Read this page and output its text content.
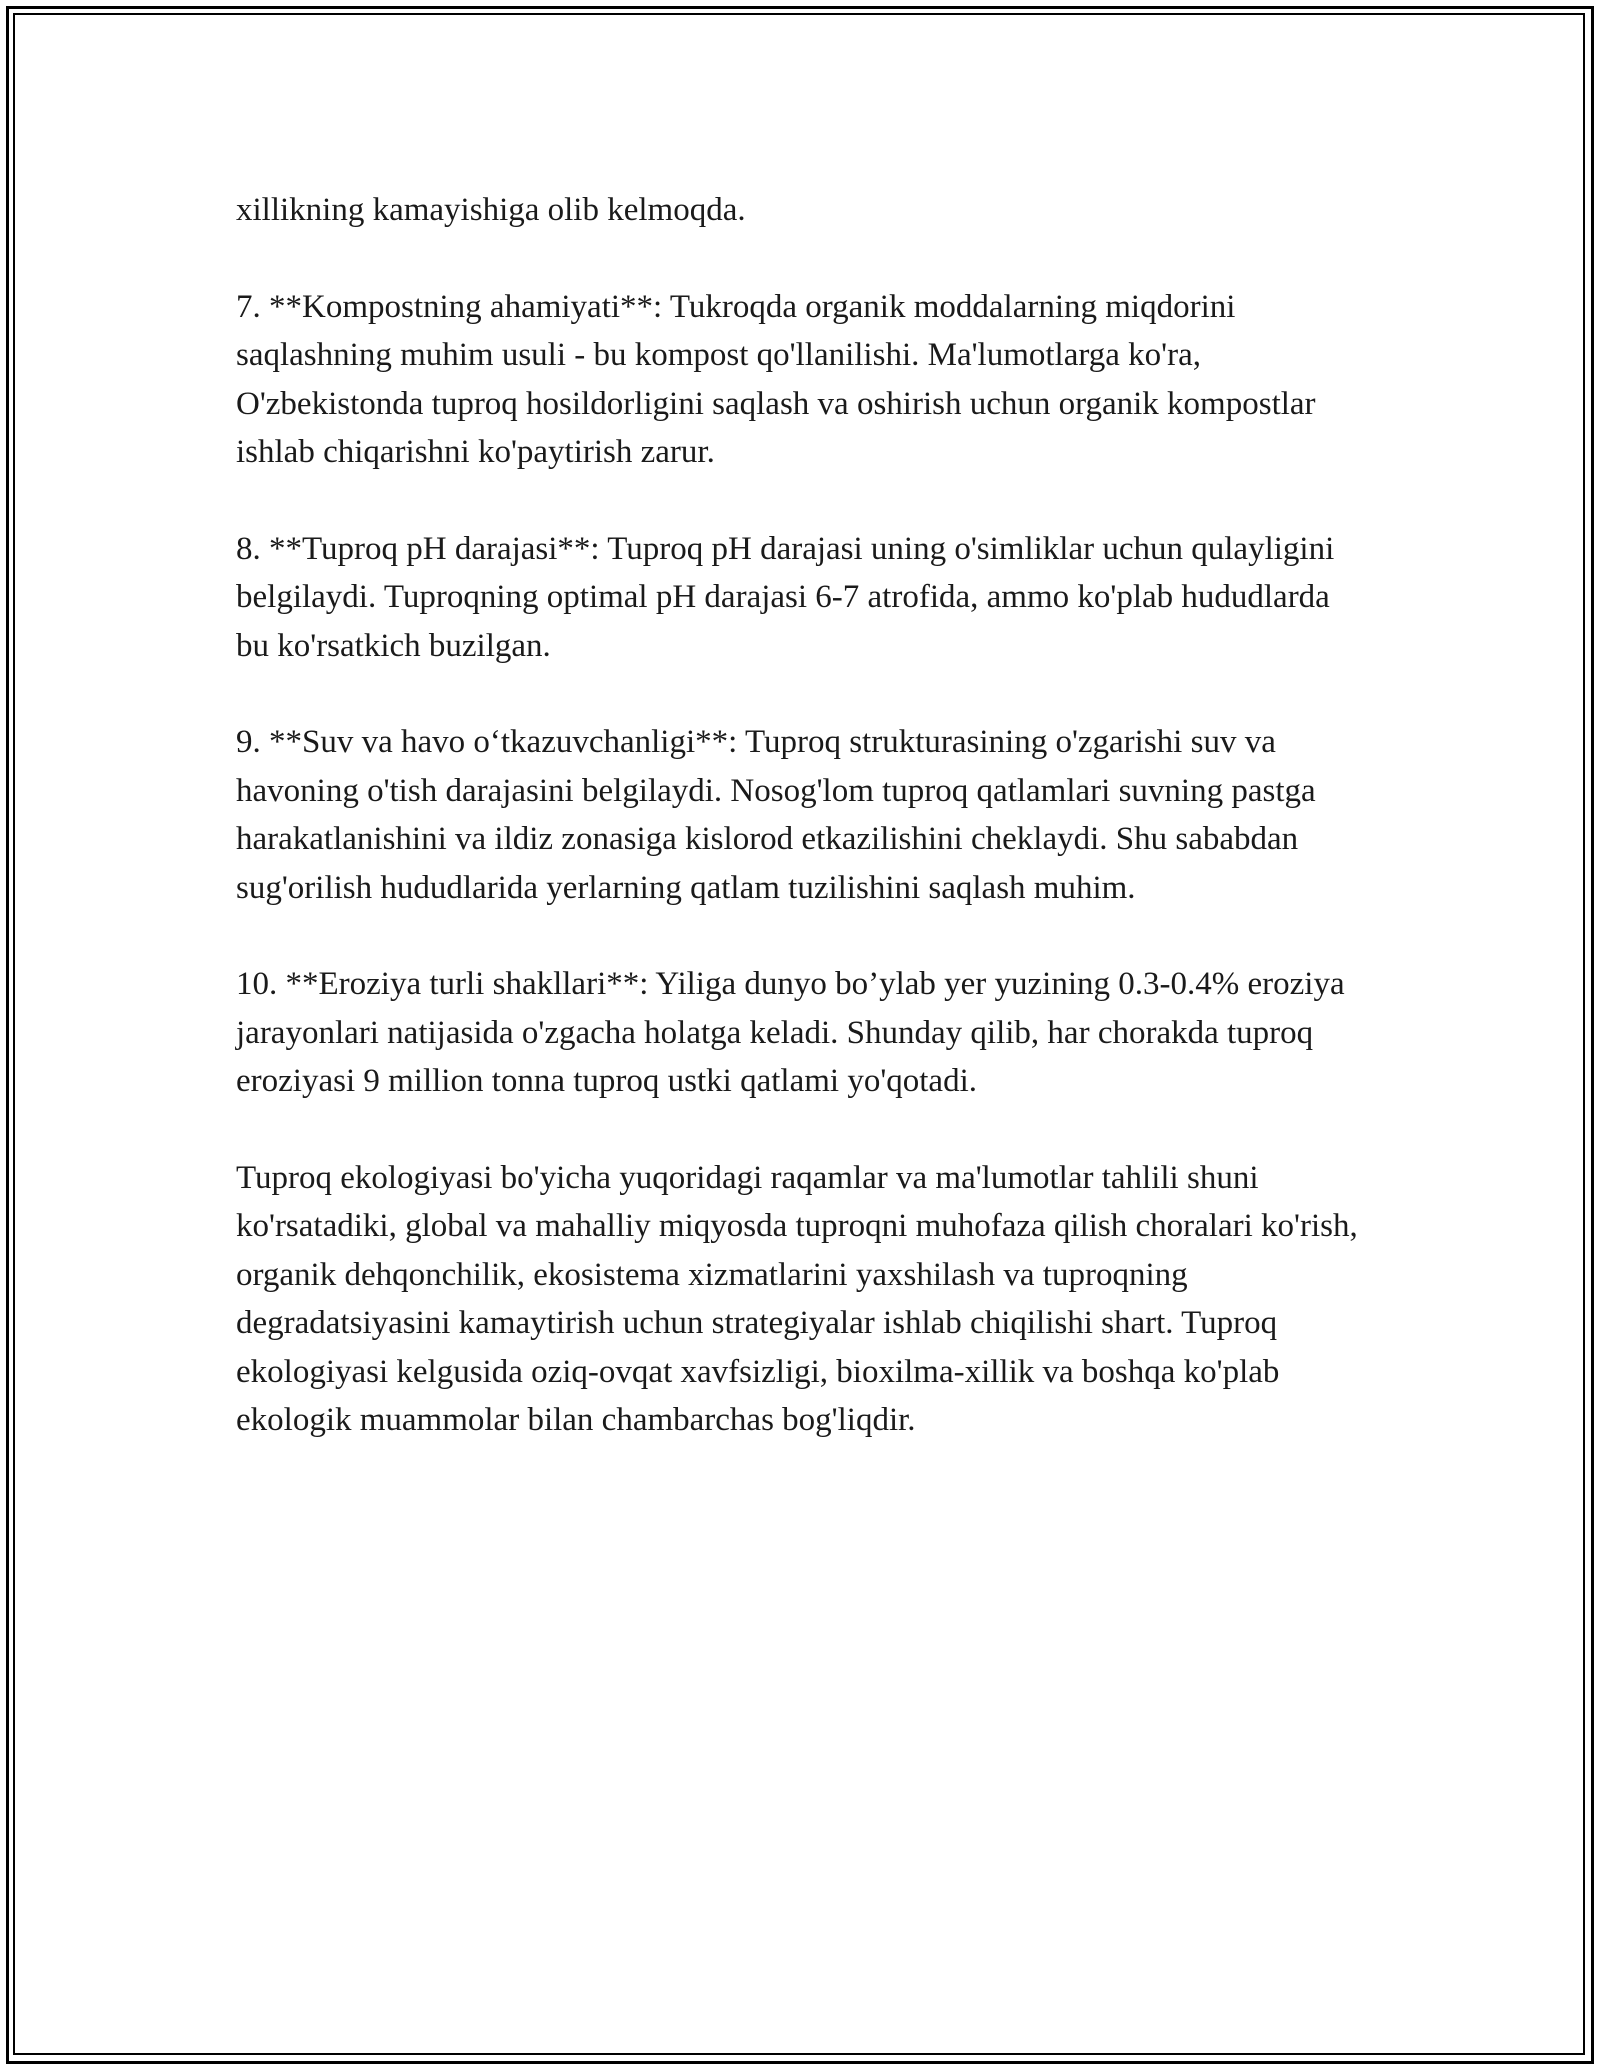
xillikning kamayishiga olib kelmoqda.

7. **Kompostning ahamiyati**: Tukroqda organik moddalarning miqdorini saqlashning muhim usuli - bu kompost qo'llanilishi. Ma'lumotlarga ko'ra, O'zbekistonda tuproq hosildorligini saqlash va oshirish uchun organik kompostlar ishlab chiqarishni ko'paytirish zarur.

8. **Tuproq pH darajasi**: Tuproq pH darajasi uning o'simliklar uchun qulayligini belgilaydi. Tuproqning optimal pH darajasi 6-7 atrofida, ammo ko'plab hududlarda bu ko'rsatkich buzilgan.

9. **Suv va havo o‘tkazuvchanligi**: Tuproq strukturasining o'zgarishi suv va havoning o'tish darajasini belgilaydi. Nosog'lom tuproq qatlamlari suvning pastga harakatlanishini va ildiz zonasiga kislorod etkazilishini cheklaydi. Shu sababdan sug'orilish hududlarida yerlarning qatlam tuzilishini saqlash muhim.

10. **Eroziya turli shakllari**: Yiliga dunyo bo’ylab yer yuzining 0.3-0.4% eroziya jarayonlari natijasida o'zgacha holatga keladi. Shunday qilib, har chorakda tuproq eroziyasi 9 million tonna tuproq ustki qatlami yo'qotadi.

Tuproq ekologiyasi bo'yicha yuqoridagi raqamlar va ma'lumotlar tahlili shuni ko'rsatadiki, global va mahalliy miqyosda tuproqni muhofaza qilish choralari ko'rish, organik dehqonchilik, ekosistema xizmatlarini yaxshilash va tuproqning degradatsiyasini kamaytirish uchun strategiyalar ishlab chiqilishi shart. Tuproq ekologiyasi kelgusida oziq-ovqat xavfsizligi, bioxilma-xillik va boshqa ko'plab ekologik muammolar bilan chambarchas bog'liqdir.
